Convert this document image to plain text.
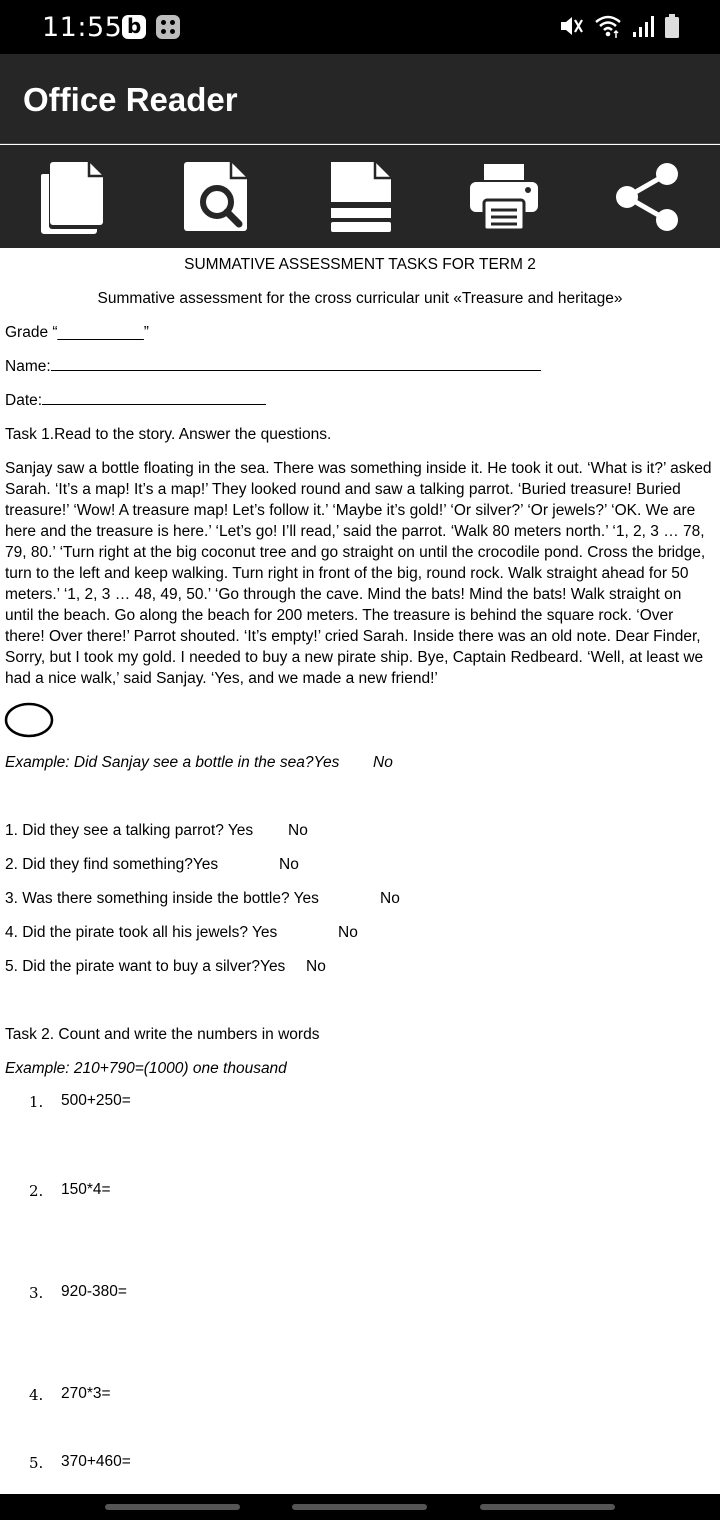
11:55
b
Office Reader

SUMMATIVE ASSESSMENT TASKS FOR TERM 2

Summative assessment for the cross curricular unit «Treasure and heritage»

Grade “__________”

Name:

Date:

Task 1.Read to the story. Answer the questions.

Sanjay saw a bottle floating in the sea. There was something inside it. He took it out. ‘What is it?’ asked Sarah. ‘It’s a map! It’s a map!’ They looked round and saw a talking parrot. ‘Buried treasure! Buried treasure!’ ‘Wow! A treasure map! Let’s follow it.’ ‘Maybe it’s gold!’ ‘Or silver?’ ‘Or jewels?’ ‘OK. We are here and the treasure is here.’ ‘Let’s go! I’ll read,’ said the parrot. ‘Walk 80 meters north.’ ‘1, 2, 3 … 78, 79, 80.’ ‘Turn right at the big coconut tree and go straight on until the crocodile pond. Cross the bridge, turn to the left and keep walking. Turn right in front of the big, round rock. Walk straight ahead for 50 meters.’ ‘1, 2, 3 … 48, 49, 50.’ ‘Go through the cave. Mind the bats! Mind the bats! Walk straight on until the beach. Go along the beach for 200 meters. The treasure is behind the square rock. ‘Over there! Over there!’ Parrot shouted. ‘It’s empty!’ cried Sarah. Inside there was an old note. Dear Finder, Sorry, but I took my gold. I needed to buy a new pirate ship. Bye, Captain Redbeard. ‘Well, at least we had a nice walk,’ said Sanjay. ‘Yes, and we made a new friend!’

Example: Did Sanjay see a bottle in the sea?Yes No

1. Did they see a talking parrot? Yes No

2. Did they find something?Yes	No

3. Was there something inside the bottle? Yes	No

4. Did the pirate took all his jewels? Yes	No

5. Did the pirate want to buy a silver?Yes No

Task 2. Count and write the numbers in words

Example: 210+790=(1000) one thousand

1. 500+250=
2. 150*4=
3. 920-380=
4. 270*3=
5. 370+460=
